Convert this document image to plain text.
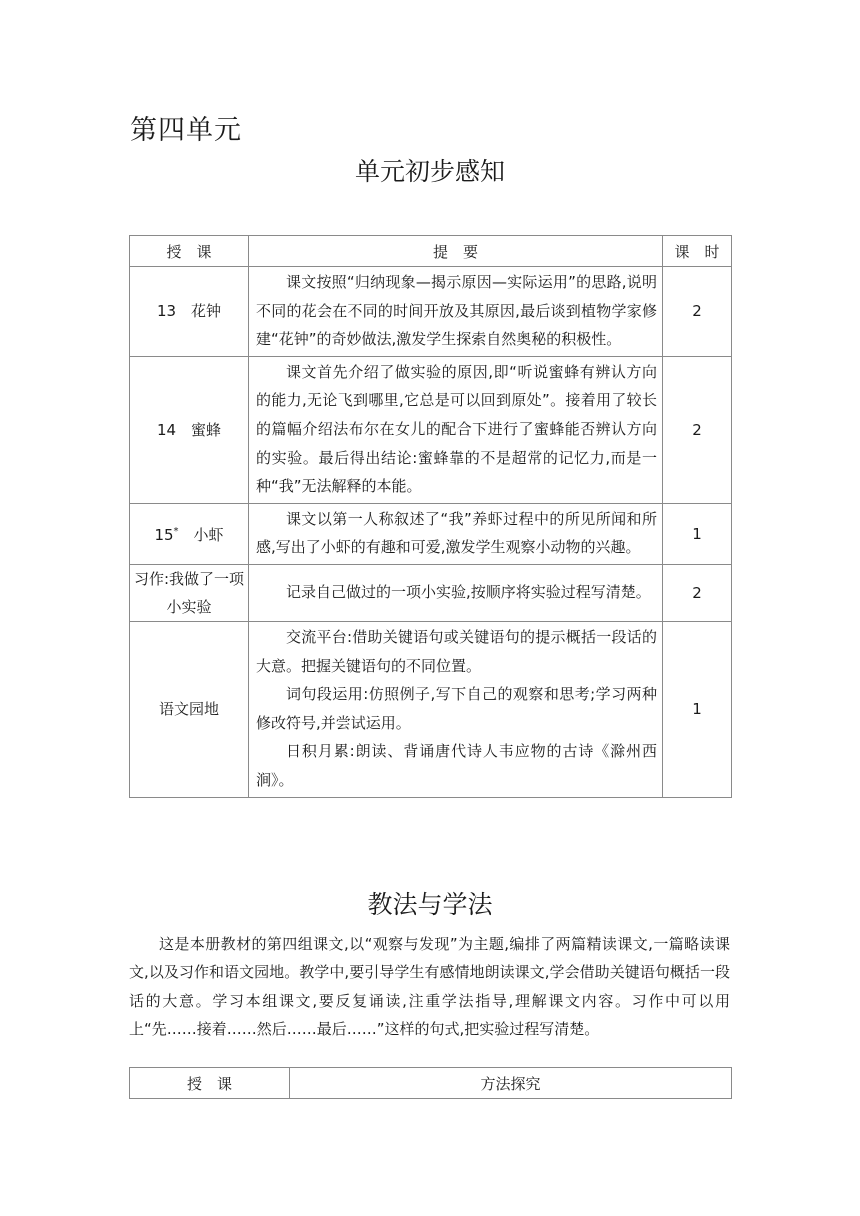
第四单元
单元初步感知
授　课	提　要	课　时
13　花钟	课文按照“归纳现象—揭示原因—实际运用”的思路,说明不同的花会在不同的时间开放及其原因,最后谈到植物学家修建“花钟”的奇妙做法,激发学生探索自然奥秘的积极性。	2
14　蜜蜂	课文首先介绍了做实验的原因,即“听说蜜蜂有辨认方向的能力,无论飞到哪里,它总是可以回到原处”。接着用了较长的篇幅介绍法布尔在女儿的配合下进行了蜜蜂能否辨认方向的实验。最后得出结论:蜜蜂靠的不是超常的记忆力,而是一种“我”无法解释的本能。	2
15*　 小虾	课文以第一人称叙述了“我”养虾过程中的所见所闻和所感,写出了小虾的有趣和可爱,激发学生观察小动物的兴趣。	1

习作:我做了一项
小实验	记录自己做过的一项小实验,按顺序将实验过程写清楚。	2
语文园地	交流平台:借助关键语句或关键语句的提示概括一段话的大意。把握关键语句的不同位置。

词句段运用:仿照例子,写下自己的观察和思考;学习两种修改符号,并尝试运用。

日积月累:朗读、背诵唐代诗人韦应物的古诗《滁州西涧》。	1
教法与学法

这是本册教材的第四组课文,以“观察与发现”为主题,编排了两篇精读课文,一篇略读课文,以及习作和语文园地。教学中,要引导学生有感情地朗读课文,学会借助关键语句概括一段话的大意。学习本组课文,要反复诵读,注重学法指导,理解课文内容。习作中可以用上“先……接着……然后……最后……”这样的句式,把实验过程写清楚。

授　课	方法探究
